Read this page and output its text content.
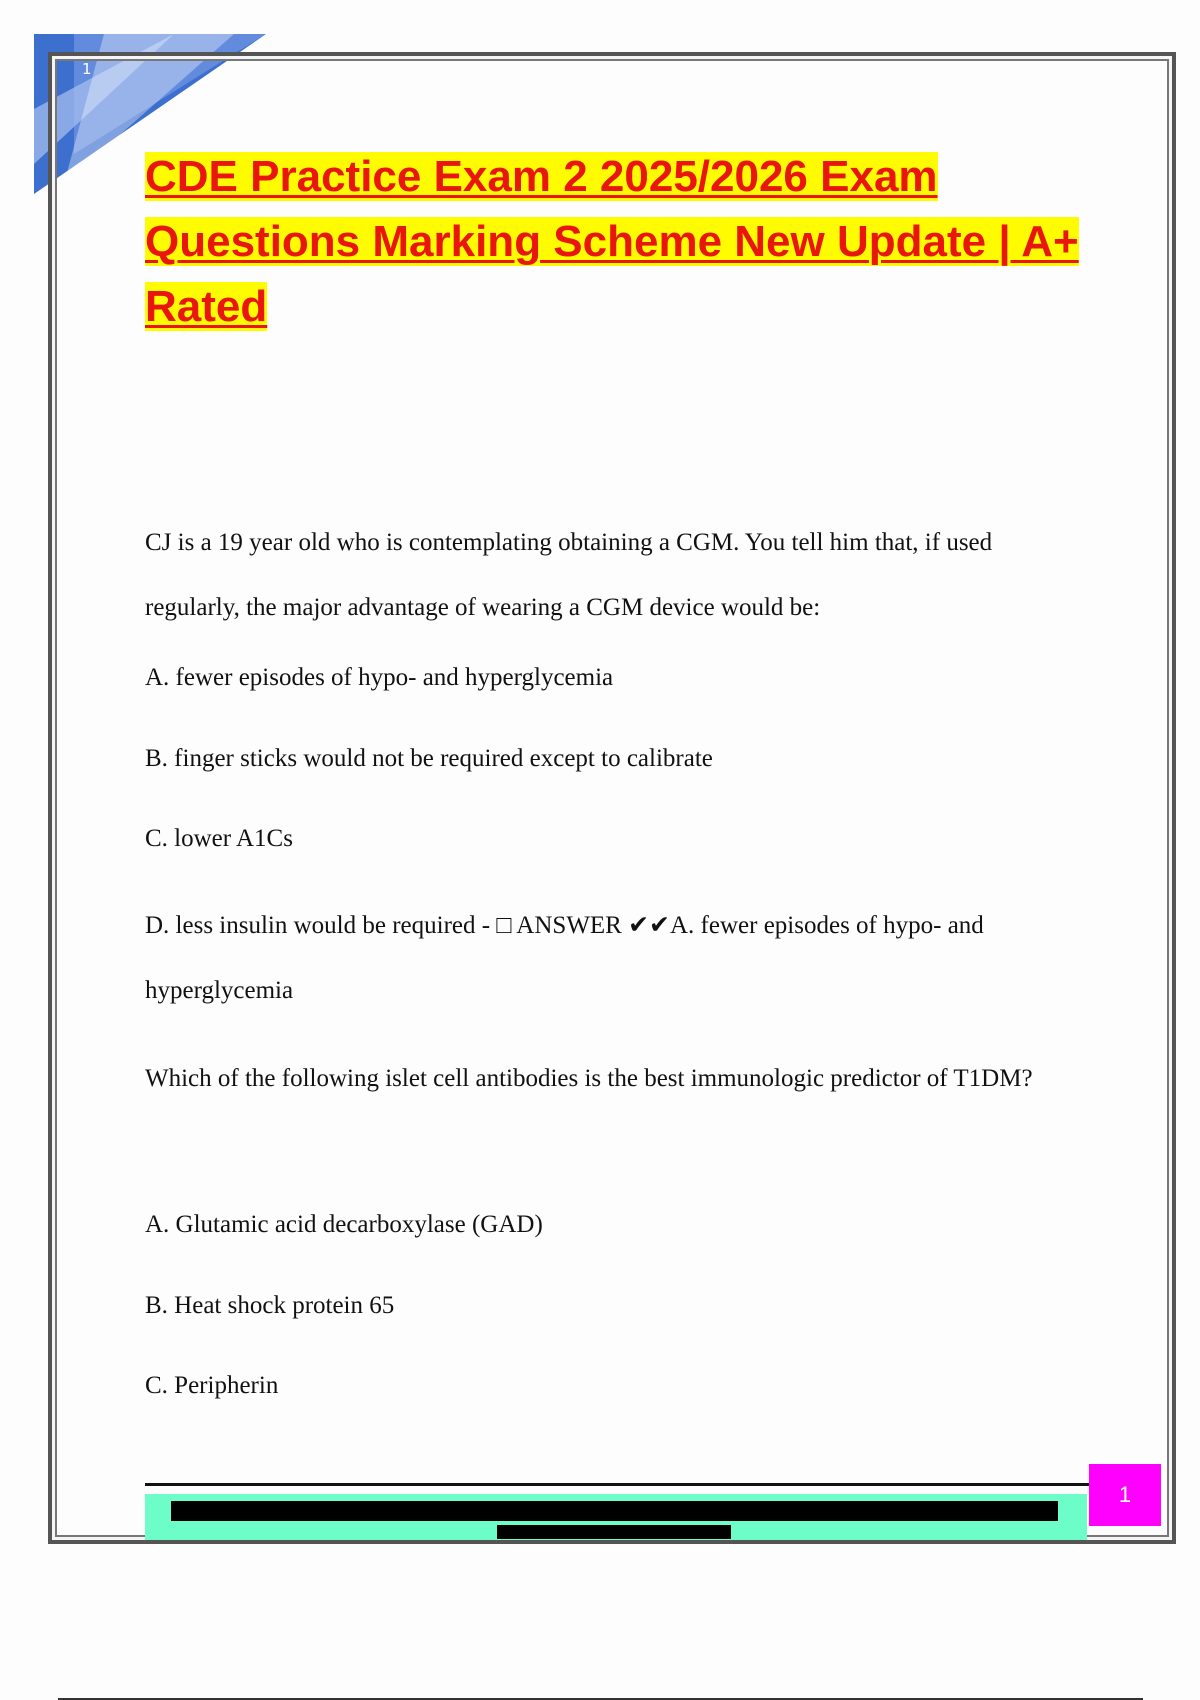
1
CDE Practice Exam 2 2025/2026 Exam Questions Marking Scheme New Update | A+ Rated

CJ is a 19 year old who is contemplating obtaining a CGM. You tell him that, if used regularly, the major advantage of wearing a CGM device would be:

A. fewer episodes of hypo- and hyperglycemia

B. finger sticks would not be required except to calibrate

C. lower A1Cs

D. less insulin would be required - □ ANSWER ✔✔A. fewer episodes of hypo- and hyperglycemia

Which of the following islet cell antibodies is the best immunologic predictor of T1DM?

A. Glutamic acid decarboxylase (GAD)

B. Heat shock protein 65

C. Peripherin

1
